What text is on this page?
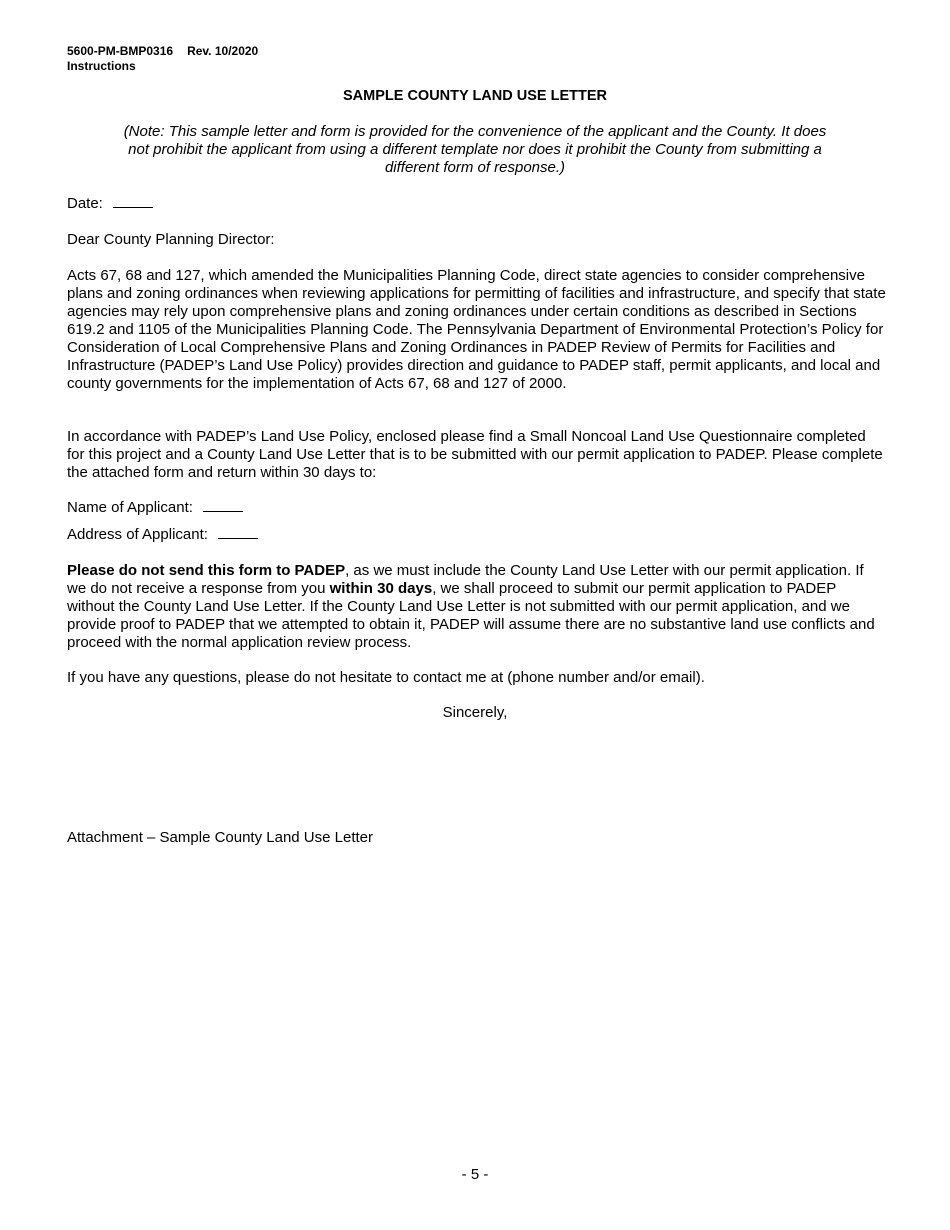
5600-PM-BMP0316 Rev. 10/2020
Instructions
SAMPLE COUNTY LAND USE LETTER
(Note: This sample letter and form is provided for the convenience of the applicant and the County. It does not prohibit the applicant from using a different template nor does it prohibit the County from submitting a different form of response.)
Date:
Dear County Planning Director:
Acts 67, 68 and 127, which amended the Municipalities Planning Code, direct state agencies to consider comprehensive plans and zoning ordinances when reviewing applications for permitting of facilities and infrastructure, and specify that state agencies may rely upon comprehensive plans and zoning ordinances under certain conditions as described in Sections 619.2 and 1105 of the Municipalities Planning Code. The Pennsylvania Department of Environmental Protection’s Policy for Consideration of Local Comprehensive Plans and Zoning Ordinances in PADEP Review of Permits for Facilities and Infrastructure (PADEP’s Land Use Policy) provides direction and guidance to PADEP staff, permit applicants, and local and county governments for the implementation of Acts 67, 68 and 127 of 2000.
In accordance with PADEP’s Land Use Policy, enclosed please find a Small Noncoal Land Use Questionnaire completed for this project and a County Land Use Letter that is to be submitted with our permit application to PADEP. Please complete the attached form and return within 30 days to:
Name of Applicant:
Address of Applicant:
Please do not send this form to PADEP, as we must include the County Land Use Letter with our permit application. If we do not receive a response from you within 30 days, we shall proceed to submit our permit application to PADEP without the County Land Use Letter. If the County Land Use Letter is not submitted with our permit application, and we provide proof to PADEP that we attempted to obtain it, PADEP will assume there are no substantive land use conflicts and proceed with the normal application review process.
If you have any questions, please do not hesitate to contact me at (phone number and/or email).
Sincerely,
Attachment – Sample County Land Use Letter
- 5 -
